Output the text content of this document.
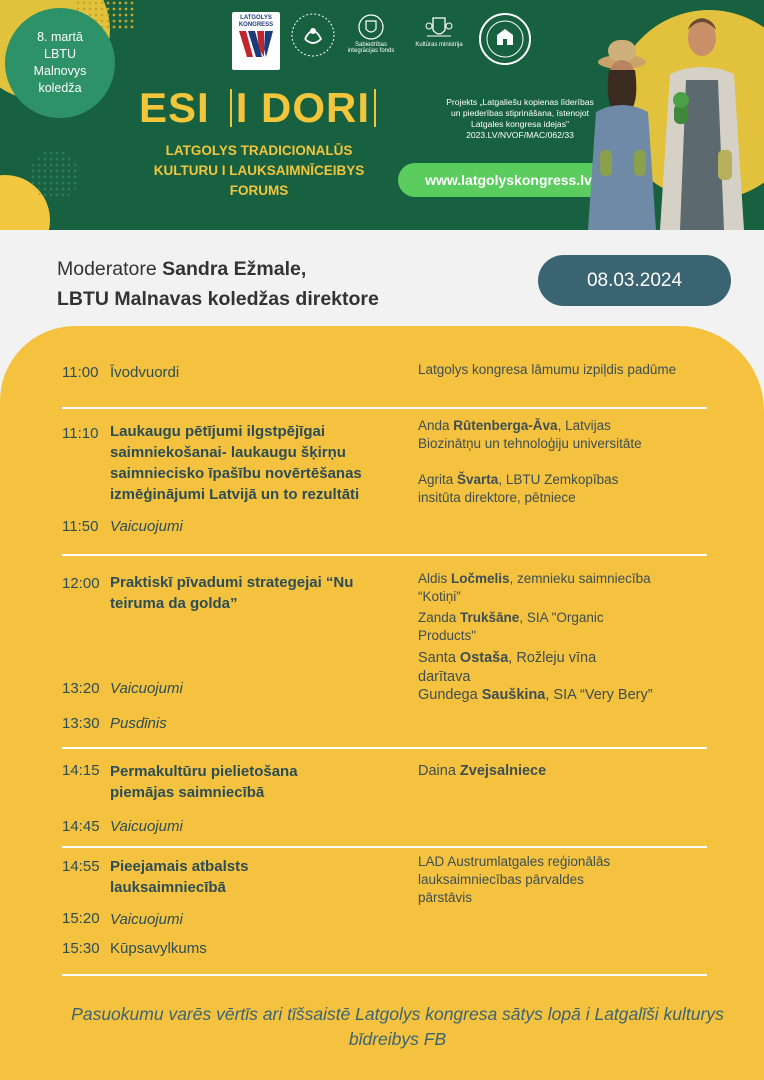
8. martā
LBTU
Malnovys
koledža
LATGOLYS
KONGRESS
Sabiedrības integrācijas fonds
Kultūras ministrija
ESI I DORI
LATGOLYS TRADICIONALŪS KULTURU I LAUKSAIMNĪCEIBYS FORUMS
Projekts „Latgaliešu kopienas līderības
un piederības stiprināšana, īstenojot
Latgales kongresa idejas"
2023.LV/NVOF/MAC/062/33
www.latgolyskongress.lv
Moderatore Sandra Ežmale,
LBTU Malnavas koledžas direktore
08.03.2024
11:00 Īvodvuordi	Latgolys kongresa lāmumu izpiļdis padūme
11:10 Laukaugu pētījumi ilgstpējīgai saimniekošanai- laukaugu šķirņu saimniecisko īpašību novērtēšanas izmēģinājumi Latvijā un to rezultāti
11:50 Vaicuojumi
Anda Rūtenberga-Āva, Latvijas Biozinātņu un tehnoloģiju universitāte
Agrita Švarta, LBTU Zemkopības insitūta direktore, pētniece
12:00 Praktiskī pīvadumi strategejai “Nu teiruma da golda”
13:20 Vaicuojumi
13:30 Pusdīnis
Aldis Ločmelis, zemnieku saimniecība “Kotiņi”
Zanda Trukšāne, SIA "Organic Products"
Santa Ostaša, Rožleju vīna darītava
Gundega Sauškina, SIA “Very Bery”
14:15 Permakultūru pielietošana piemājas saimniecībā
14:45 Vaicuojumi
Daina Zvejsalniece
14:55 Pieejamais atbalsts lauksaimniecībā
15:20 Vaicuojumi
15:30 Kūpsavylkums
LAD Austrumlatgales reģionālās lauksaimniecības pārvaldes pārstāvis
Pasuokumu varēs vērtīs ari tīšsaistē Latgolys kongresa sātys lopā i Latgalīši kulturys bīdreibys FB
